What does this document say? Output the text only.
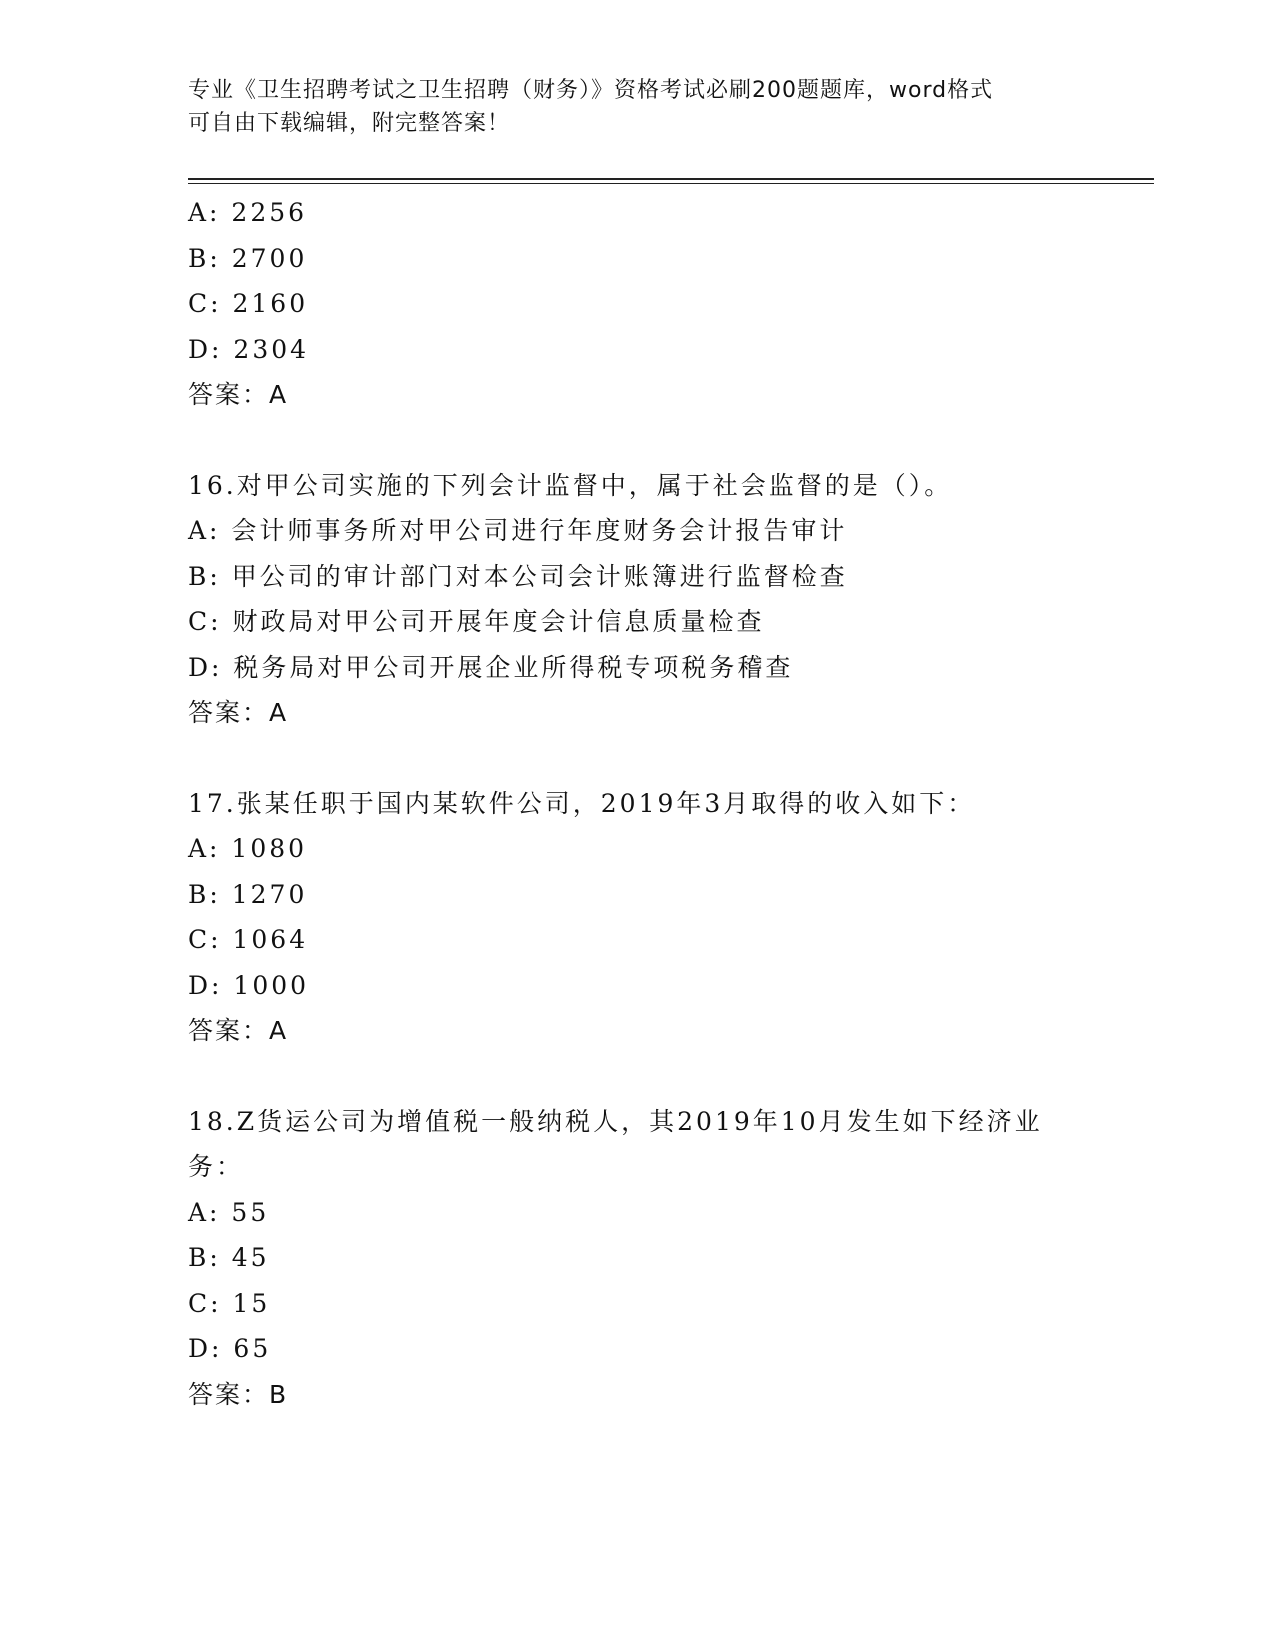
专业《卫生招聘考试之卫生招聘（财务）》资格考试必刷200题题库，word格式
可自由下载编辑，附完整答案！
A: 2256
B: 2700
C: 2160
D: 2304
答案：A
16.对甲公司实施的下列会计监督中，属于社会监督的是（）。
A: 会计师事务所对甲公司进行年度财务会计报告审计
B: 甲公司的审计部门对本公司会计账簿进行监督检查
C: 财政局对甲公司开展年度会计信息质量检查
D: 税务局对甲公司开展企业所得税专项税务稽查
答案：A
17.张某任职于国内某软件公司，2019年3月取得的收入如下：
A: 1080
B: 1270
C: 1064
D: 1000
答案：A
18.Z货运公司为增值税一般纳税人，其2019年10月发生如下经济业
务：
A: 55
B: 45
C: 15
D: 65
答案：B
